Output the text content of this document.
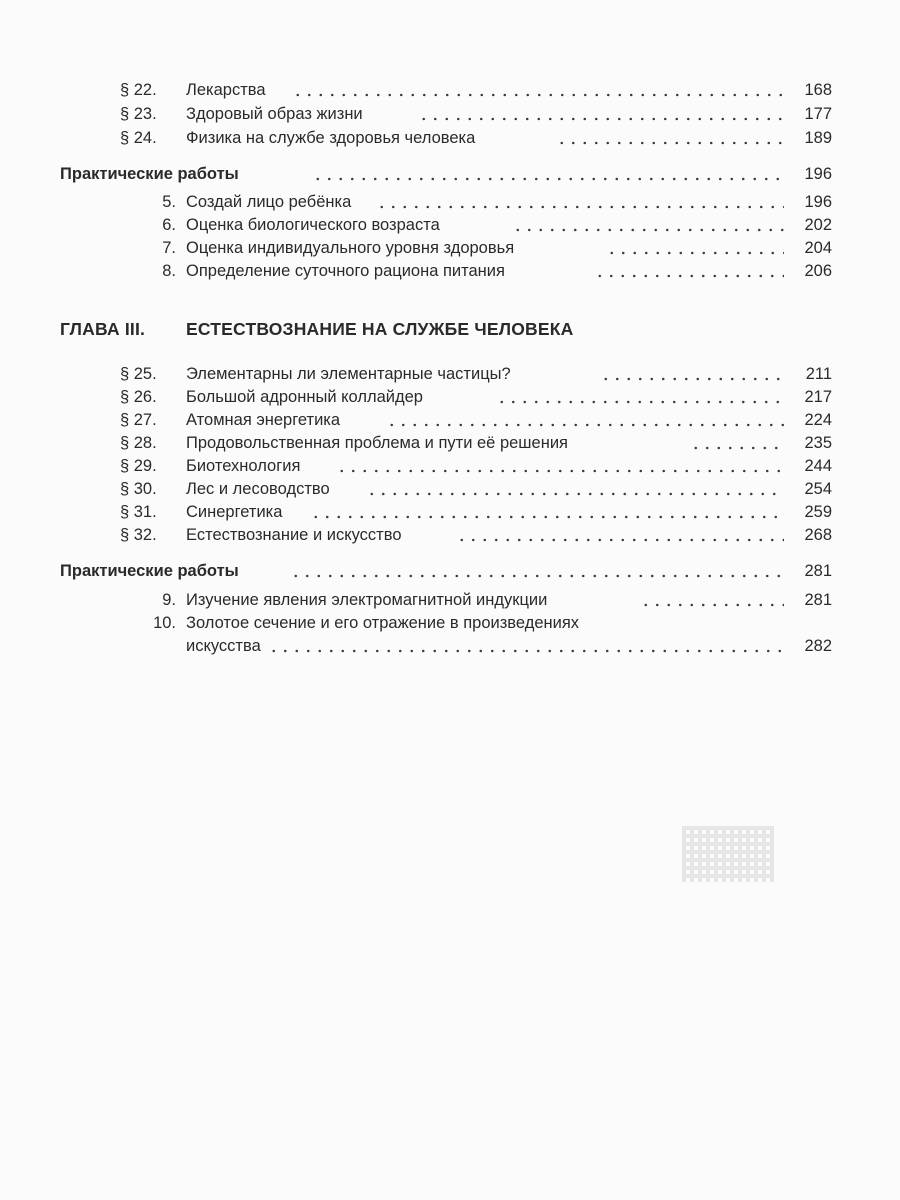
§ 22.	Лекарства	168
§ 23.	Здоровый образ жизни	177
§ 24.	Физика на службе здоровья человека	189
Практические работы	196
5. Создай лицо ребёнка	196
6. Оценка биологического возраста	202
7. Оценка индивидуального уровня здоровья	204
8. Определение суточного рациона питания	206
ГЛАВА III. ЕСТЕСТВОЗНАНИЕ НА СЛУЖБЕ ЧЕЛОВЕКА
§ 25.	Элементарны ли элементарные частицы?	211
§ 26.	Большой адронный коллайдер	217
§ 27.	Атомная энергетика	224
§ 28.	Продовольственная проблема и пути её решения	235
§ 29.	Биотехнология	244
§ 30.	Лес и лесоводство	254
§ 31.	Синергетика	259
§ 32.	Естествознание и искусство	268
Практические работы	281
9. Изучение явления электромагнитной индукции	281
10. Золотое сечение и его отражение в произведениях
искусства	282
